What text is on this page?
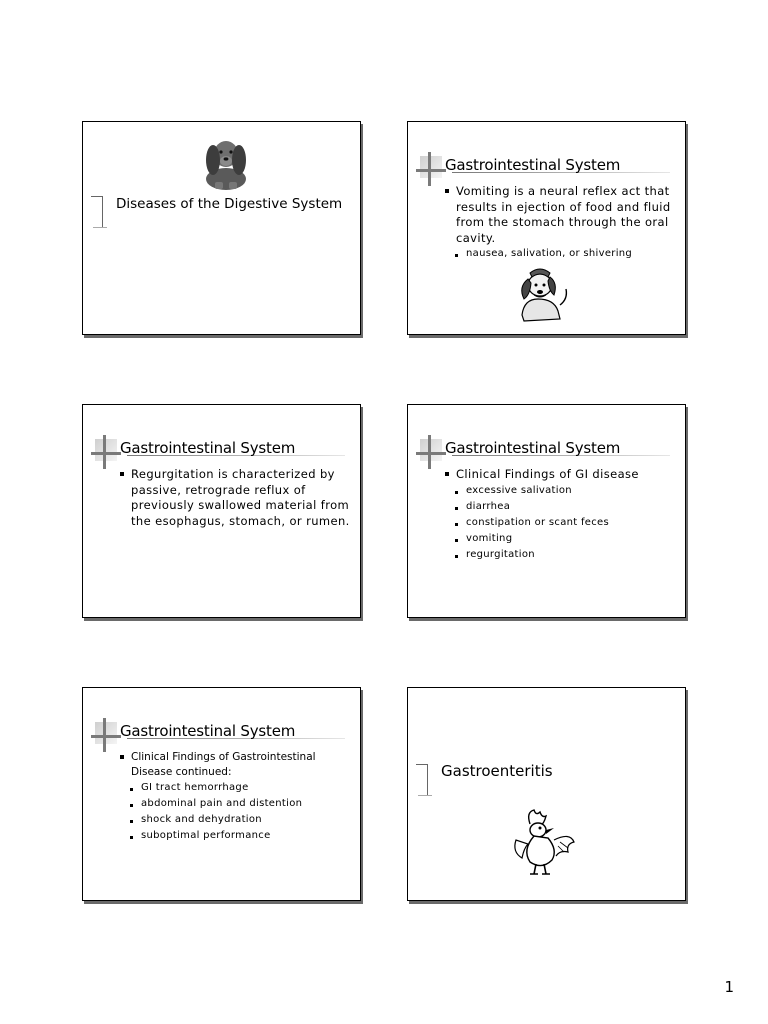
Diseases of the Digestive System
Gastrointestinal System
Vomiting is a neural reflex act that results in ejection of food and fluid from the stomach through the oral cavity.
nausea, salivation, or shivering
Gastrointestinal System
Regurgitation is characterized by passive, retrograde reflux of previously swallowed material from the esophagus, stomach, or rumen.
Gastrointestinal System
Clinical Findings of GI disease
excessive salivation
diarrhea
constipation or scant feces
vomiting
regurgitation
Gastrointestinal System
Clinical Findings of Gastrointestinal Disease continued:
GI tract hemorrhage
abdominal pain and distention
shock and dehydration
suboptimal performance
Gastroenteritis
1
